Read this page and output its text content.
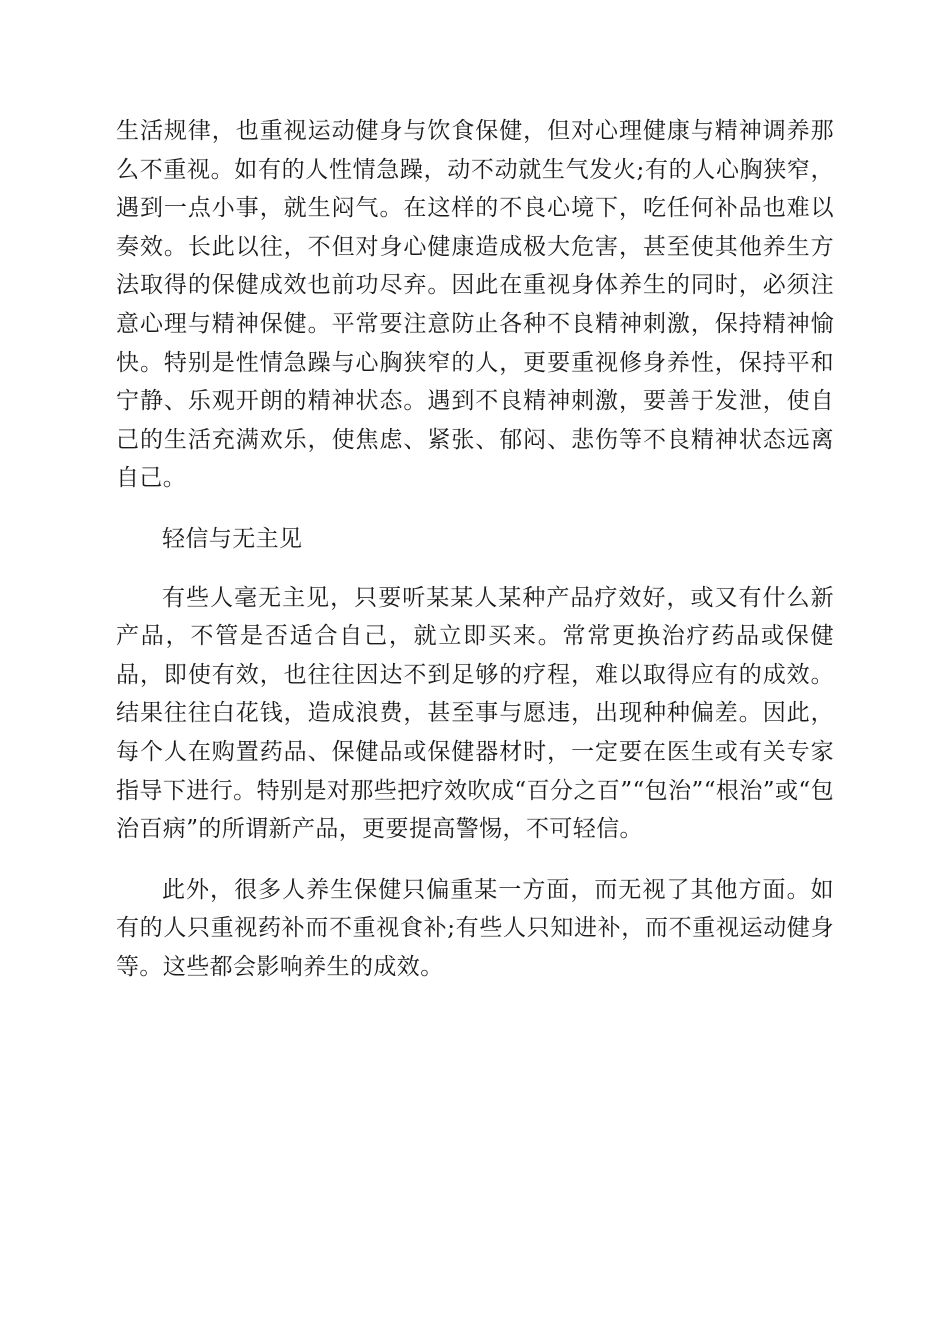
生活规律，也重视运动健身与饮食保健，但对心理健康与精神调养那么不重视。如有的人性情急躁，动不动就生气发火;有的人心胸狭窄，遇到一点小事，就生闷气。在这样的不良心境下，吃任何补品也难以奏效。长此以往，不但对身心健康造成极大危害，甚至使其他养生方法取得的保健成效也前功尽弃。因此在重视身体养生的同时，必须注意心理与精神保健。平常要注意防止各种不良精神刺激，保持精神愉快。特别是性情急躁与心胸狭窄的人，更要重视修身养性，保持平和宁静、乐观开朗的精神状态。遇到不良精神刺激，要善于发泄，使自己的生活充满欢乐，使焦虑、紧张、郁闷、悲伤等不良精神状态远离自己。

轻信与无主见

有些人毫无主见，只要听某某人某种产品疗效好，或又有什么新产品，不管是否适合自己，就立即买来。常常更换治疗药品或保健品，即使有效，也往往因达不到足够的疗程，难以取得应有的成效。结果往往白花钱，造成浪费，甚至事与愿违，出现种种偏差。因此，每个人在购置药品、保健品或保健器材时，一定要在医生或有关专家指导下进行。特别是对那些把疗效吹成“百分之百”“包治”“根治”或“包治百病”的所谓新产品，更要提高警惕，不可轻信。

此外，很多人养生保健只偏重某一方面，而无视了其他方面。如有的人只重视药补而不重视食补;有些人只知进补，而不重视运动健身等。这些都会影响养生的成效。
